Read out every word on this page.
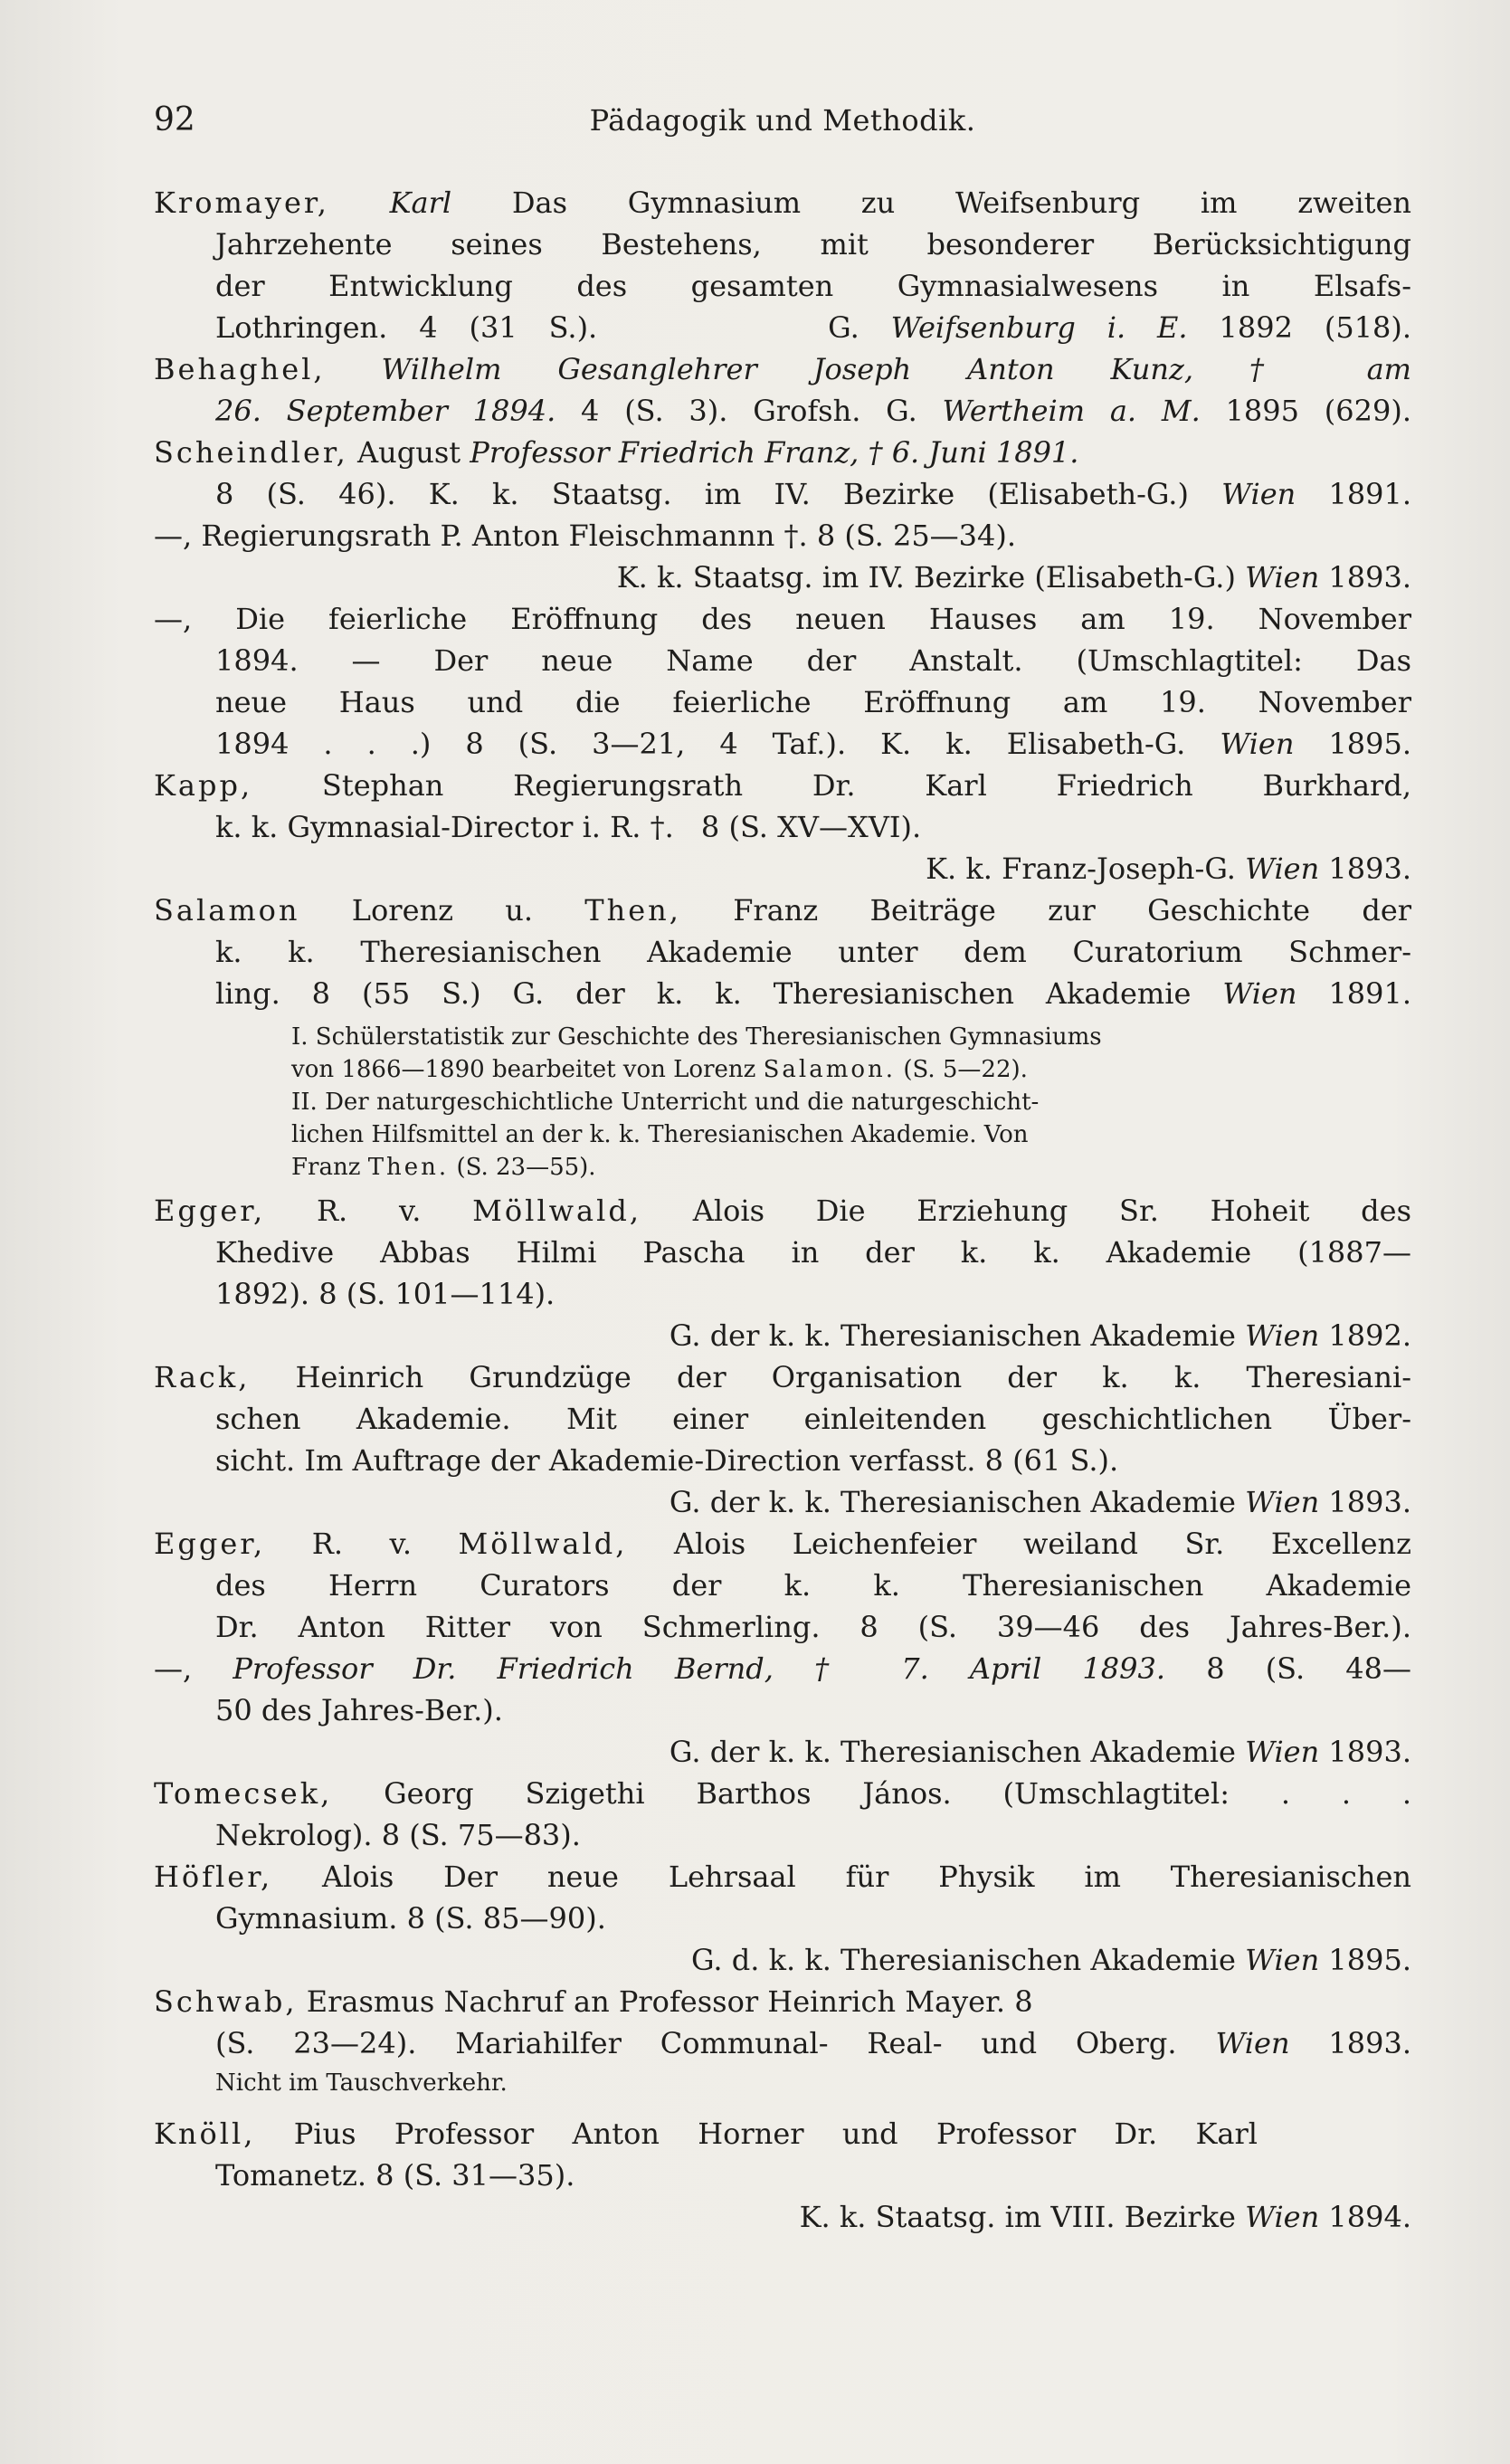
92	Pädagogik und Methodik.
Kromayer, Karl Das Gymnasium zu Weifsenburg im zweiten
Jahrzehente seines Bestehens, mit besonderer Berücksichtigung
der Entwicklung des gesamten Gymnasialwesens in Elsafs-
Lothringen. 4 (31 S.).	G. Weifsenburg i. E. 1892 (518).
Behaghel, Wilhelm Gesanglehrer Joseph Anton Kunz, † am
26. September 1894. 4 (S. 3). Grofsh. G. Wertheim a. M. 1895 (629).
Scheindler, August Professor Friedrich Franz, † 6. Juni 1891.
8 (S. 46). K. k. Staatsg. im IV. Bezirke (Elisabeth-G.) Wien 1891.
—, Regierungsrath P. Anton Fleischmannn †. 8 (S. 25—34).
K. k. Staatsg. im IV. Bezirke (Elisabeth-G.) Wien 1893.
—, Die feierliche Eröffnung des neuen Hauses am 19. November
1894. — Der neue Name der Anstalt. (Umschlagtitel: Das
neue Haus und die feierliche Eröffnung am 19. November
1894 . . .) 8 (S. 3—21, 4 Taf.). K. k. Elisabeth-G. Wien 1895.
Kapp, Stephan Regierungsrath Dr. Karl Friedrich Burkhard,
k. k. Gymnasial-Director i. R. †. 8 (S. XV—XVI).
K. k. Franz-Joseph-G. Wien 1893.
Salamon Lorenz u. Then, Franz Beiträge zur Geschichte der
k. k. Theresianischen Akademie unter dem Curatorium Schmer-
ling. 8 (55 S.) G. der k. k. Theresianischen Akademie Wien 1891.
I. Schülerstatistik zur Geschichte des Theresianischen Gymnasiums
von 1866—1890 bearbeitet von Lorenz Salamon. (S. 5—22).
II. Der naturgeschichtliche Unterricht und die naturgeschicht-
lichen Hilfsmittel an der k. k. Theresianischen Akademie. Von
Franz Then. (S. 23—55).
Egger, R. v. Möllwald, Alois Die Erziehung Sr. Hoheit des
Khedive Abbas Hilmi Pascha in der k. k. Akademie (1887—
1892). 8 (S. 101—114).
G. der k. k. Theresianischen Akademie Wien 1892.
Rack, Heinrich Grundzüge der Organisation der k. k. Theresiani-
schen Akademie. Mit einer einleitenden geschichtlichen Über-
sicht. Im Auftrage der Akademie-Direction verfasst. 8 (61 S.).
G. der k. k. Theresianischen Akademie Wien 1893.
Egger, R. v. Möllwald, Alois Leichenfeier weiland Sr. Excellenz
des Herrn Curators der k. k. Theresianischen Akademie
Dr. Anton Ritter von Schmerling. 8 (S. 39—46 des Jahres-Ber.).
—, Professor Dr. Friedrich Bernd, † 7. April 1893. 8 (S. 48—
50 des Jahres-Ber.).
G. der k. k. Theresianischen Akademie Wien 1893.
Tomecsek, Georg Szigethi Barthos János. (Umschlagtitel: . . .
Nekrolog). 8 (S. 75—83).
Höfler, Alois Der neue Lehrsaal für Physik im Theresianischen
Gymnasium. 8 (S. 85—90).
G. d. k. k. Theresianischen Akademie Wien 1895.
Schwab, Erasmus Nachruf an Professor Heinrich Mayer. 8
(S. 23—24). Mariahilfer Communal- Real- und Oberg. Wien 1893.
Nicht im Tauschverkehr.
Knöll, Pius Professor Anton Horner und Professor Dr. Karl
Tomanetz. 8 (S. 31—35).
K. k. Staatsg. im VIII. Bezirke Wien 1894.
